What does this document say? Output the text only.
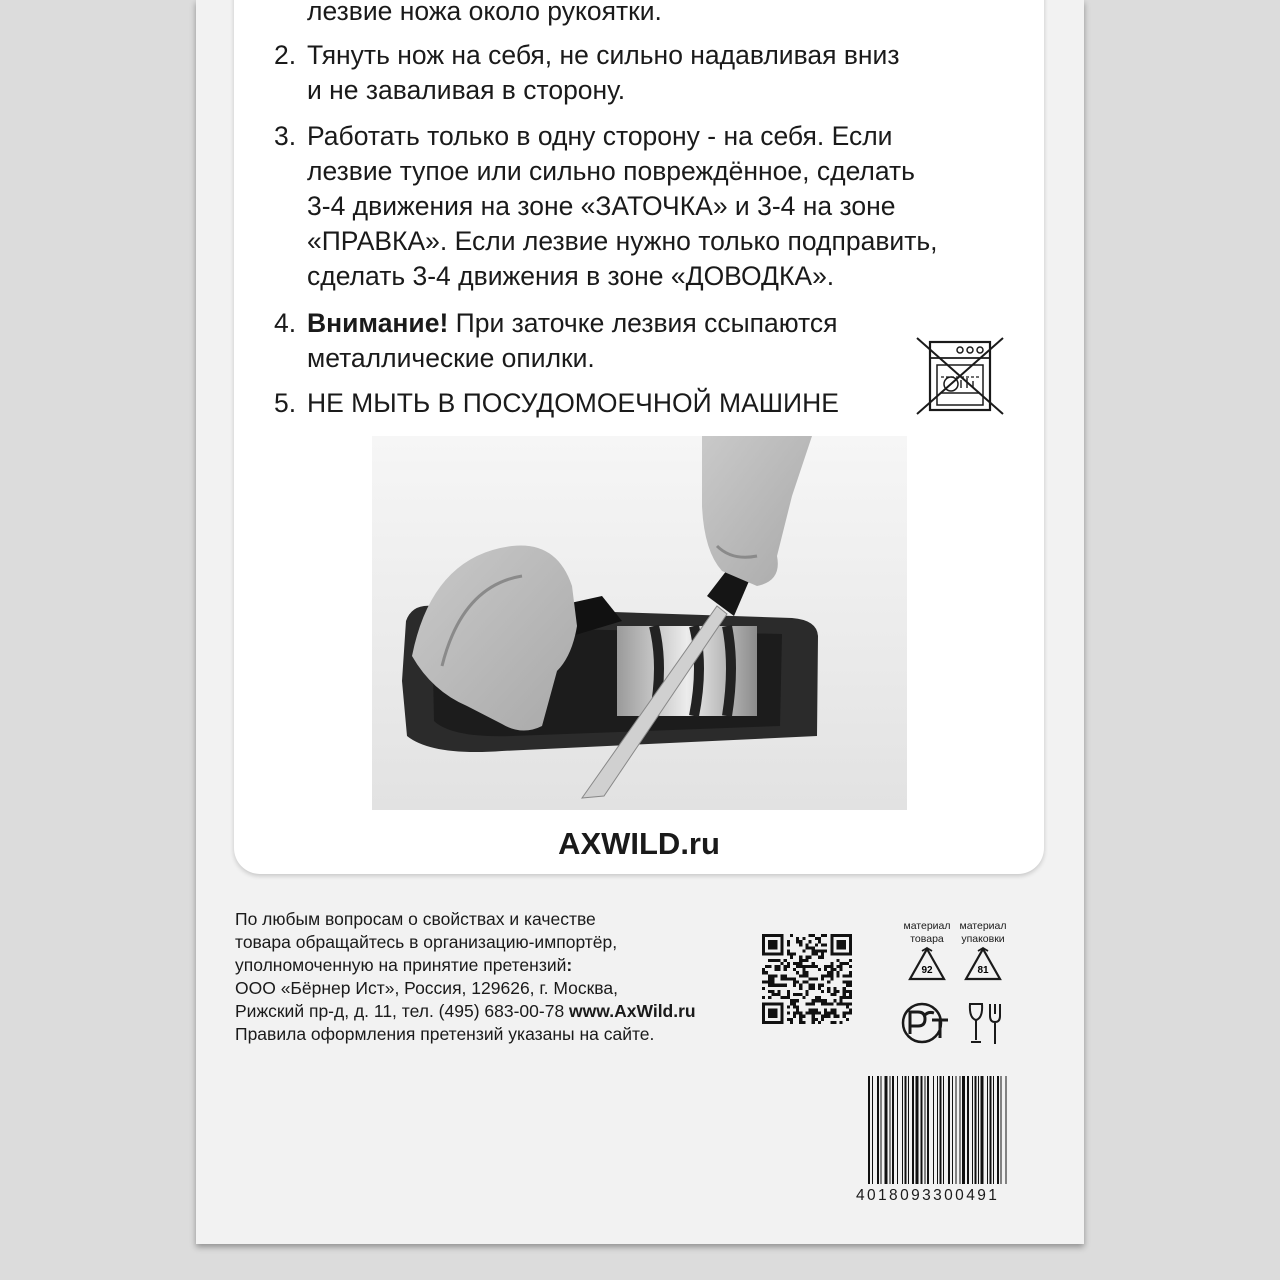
лезвие ножа около рукоятки.
2. Тянуть нож на себя, не сильно надавливая вниз
и не заваливая в сторону.
3. Работать только в одну сторону - на себя. Если
лезвие тупое или сильно повреждённое, сделать
3-4 движения на зоне «ЗАТОЧКА» и 3-4 на зоне
«ПРАВКА». Если лезвие нужно только подправить,
сделать 3-4 движения в зоне «ДОВОДКА».
4. Внимание! При заточке лезвия ссыпаются
металлические опилки.
5. НЕ МЫТЬ В ПОСУДОМОЕЧНОЙ МАШИНЕ
AXWILD.ru
По любым вопросам о свойствах и качестве
товара обращайтесь в организацию-импортёр,
уполномоченную на принятие претензий:
ООО «Бёрнер Ист», Россия, 129626, г. Москва,
Рижский пр-д, д. 11, тел. (495) 683-00-78 www.AxWild.ru
Правила оформления претензий указаны на сайте.
материал
товара
материал
упаковки
92	81
4018093300491
